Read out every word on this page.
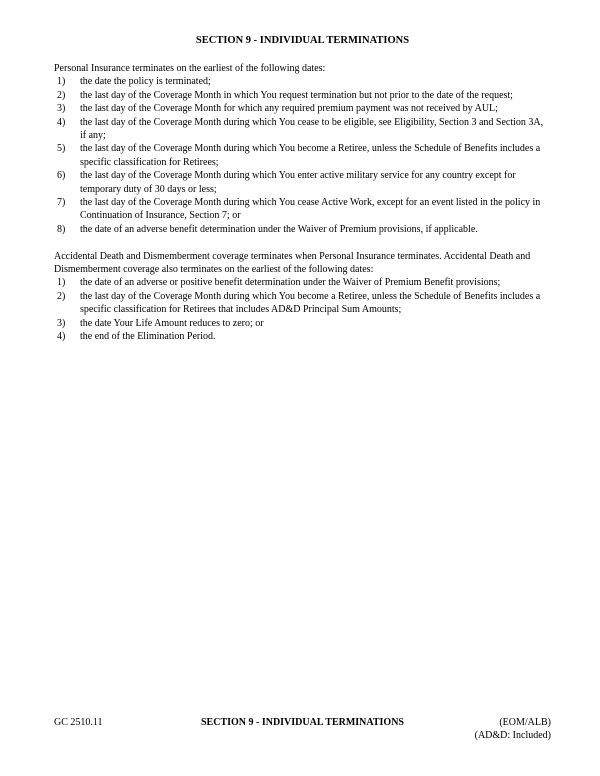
SECTION 9 - INDIVIDUAL TERMINATIONS

Personal Insurance terminates on the earliest of the following dates:

1)	the date the policy is terminated;
2)	the last day of the Coverage Month in which You request termination but not prior to the date of the request;
3)	the last day of the Coverage Month for which any required premium payment was not received by AUL;
4)	the last day of the Coverage Month during which You cease to be eligible, see Eligibility, Section 3 and Section 3A, if any;
5)	the last day of the Coverage Month during which You become a Retiree, unless the Schedule of Benefits includes a specific classification for Retirees;
6)	the last day of the Coverage Month during which You enter active military service for any country except for temporary duty of 30 days or less;
7)	the last day of the Coverage Month during which You cease Active Work, except for an event listed in the policy in Continuation of Insurance, Section 7; or
8)	the date of an adverse benefit determination under the Waiver of Premium provisions, if applicable.

Accidental Death and Dismemberment coverage terminates when Personal Insurance terminates. Accidental Death and Dismemberment coverage also terminates on the earliest of the following dates:

1)	the date of an adverse or positive benefit determination under the Waiver of Premium Benefit provisions;
2)	the last day of the Coverage Month during which You become a Retiree, unless the Schedule of Benefits includes a specific classification for Retirees that includes AD&D Principal Sum Amounts;
3)	the date Your Life Amount reduces to zero; or
4)	the end of the Elimination Period.
GC 2510.11	SECTION 9 - INDIVIDUAL TERMINATIONS	(EOM/ALB)
(AD&D: Included)
